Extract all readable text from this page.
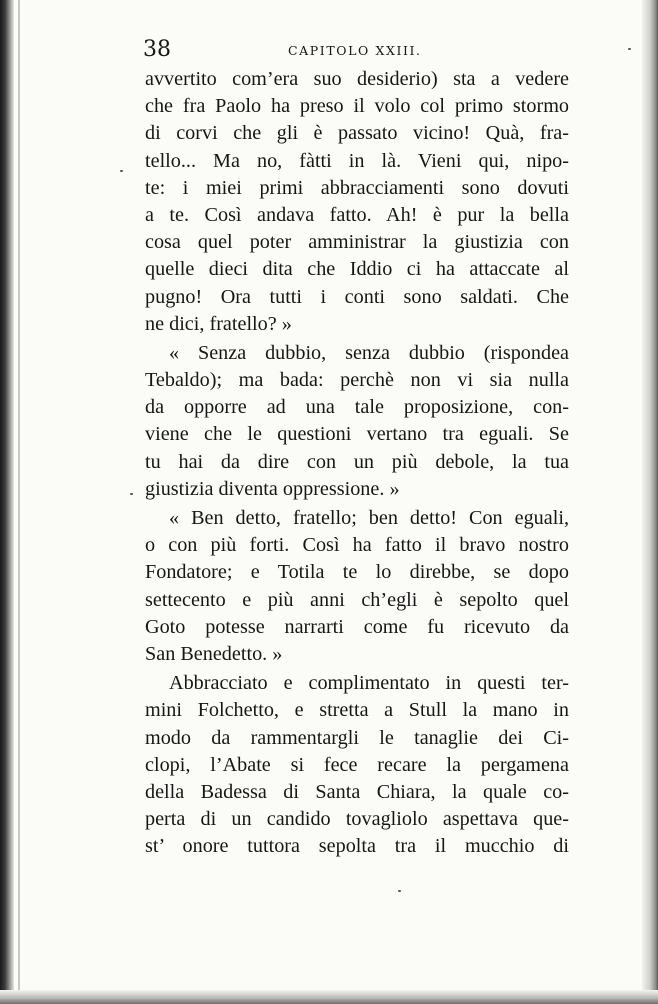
38	CAPITOLO XXIII.
avvertito com’era suo desiderio) sta a vedere
che fra Paolo ha preso il volo col primo stormo
di corvi che gli è passato vicino! Quà, fra-
tello... Ma no, fàtti in là. Vieni qui, nipo-
te: i miei primi abbracciamenti sono dovuti
a te. Così andava fatto. Ah! è pur la bella
cosa quel poter amministrar la giustizia con
quelle dieci dita che Iddio ci ha attaccate al
pugno! Ora tutti i conti sono saldati. Che
ne dici, fratello? »
« Senza dubbio, senza dubbio (rispondea
Tebaldo); ma bada: perchè non vi sia nulla
da opporre ad una tale proposizione, con-
viene che le questioni vertano tra eguali. Se
tu hai da dire con un più debole, la tua
giustizia diventa oppressione. »
« Ben detto, fratello; ben detto! Con eguali,
o con più forti. Così ha fatto il bravo nostro
Fondatore; e Totila te lo direbbe, se dopo
settecento e più anni ch’egli è sepolto quel
Goto potesse narrarti come fu ricevuto da
San Benedetto. »
Abbracciato e complimentato in questi ter-
mini Folchetto, e stretta a Stull la mano in
modo da rammentargli le tanaglie dei Ci-
clopi, l’Abate si fece recare la pergamena
della Badessa di Santa Chiara, la quale co-
perta di un candido tovagliolo aspettava que-
st’ onore tuttora sepolta tra il mucchio di
